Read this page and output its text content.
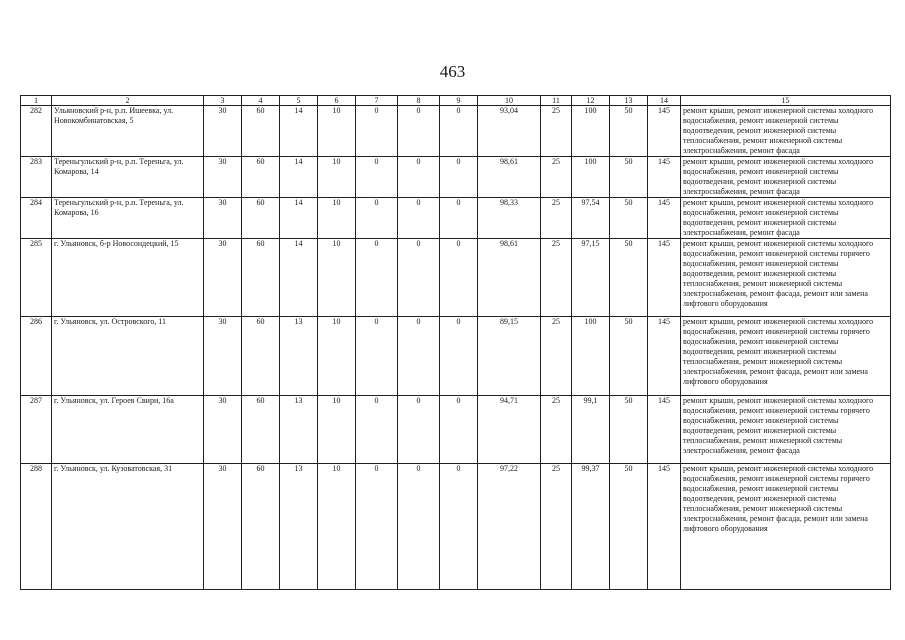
463
1	2	3	4	5	6	7	8	9	10	11	12	13	14	15
282	Ульяновский р-н, р.п. Ишеевка, ул. Новокомбинатовская, 5	30	60	14	10	0	0	0	93,04	25	100	50	145	ремонт крыши, ремонт инженерной системы холодного водоснабжения, ремонт инженерной системы водоотведения, ремонт инженерной системы теплоснабжения, ремонт инженерной системы электроснабжения, ремонт фасада
283	Тереньгульский р-н, р.п. Тереньга, ул. Комарова, 14	30	60	14	10	0	0	0	98,61	25	100	50	145	ремонт крыши, ремонт инженерной системы холодного водоснабжения, ремонт инженерной системы водоотведения, ремонт инженерной системы электроснабжения, ремонт фасада
284	Тереньгульский р-н, р.п. Тереньга, ул. Комарова, 16	30	60	14	10	0	0	0	98,33	25	97,54	50	145	ремонт крыши, ремонт инженерной системы холодного водоснабжения, ремонт инженерной системы водоотведения, ремонт инженерной системы электроснабжения, ремонт фасада
285	г. Ульяновск, б-р Новосондецкий, 15	30	60	14	10	0	0	0	98,61	25	97,15	50	145	ремонт крыши, ремонт инженерной системы холодного водоснабжения, ремонт инженерной системы горячего водоснабжения, ремонт инженерной системы водоотведения, ремонт инженерной системы теплоснабжения, ремонт инженерной системы электроснабжения, ремонт фасада, ремонт или замена лифтового оборудования
286	г. Ульяновск, ул. Островского, 11	30	60	13	10	0	0	0	89,15	25	100	50	145	ремонт крыши, ремонт инженерной системы холодного водоснабжения, ремонт инженерной системы горячего водоснабжения, ремонт инженерной системы водоотведения, ремонт инженерной системы теплоснабжения, ремонт инженерной системы электроснабжения, ремонт фасада, ремонт или замена лифтового оборудования
287	г. Ульяновск, ул. Героев Свири, 16а	30	60	13	10	0	0	0	94,71	25	99,1	50	145	ремонт крыши, ремонт инженерной системы холодного водоснабжения, ремонт инженерной системы горячего водоснабжения, ремонт инженерной системы водоотведения, ремонт инженерной системы теплоснабжения, ремонт инженерной системы электроснабжения, ремонт фасада
288	г. Ульяновск, ул. Кузоватовская, 31	30	60	13	10	0	0	0	97,22	25	99,37	50	145	ремонт крыши, ремонт инженерной системы холодного водоснабжения, ремонт инженерной системы горячего водоснабжения, ремонт инженерной системы водоотведения, ремонт инженерной системы теплоснабжения, ремонт инженерной системы электроснабжения, ремонт фасада, ремонт или замена лифтового оборудования
